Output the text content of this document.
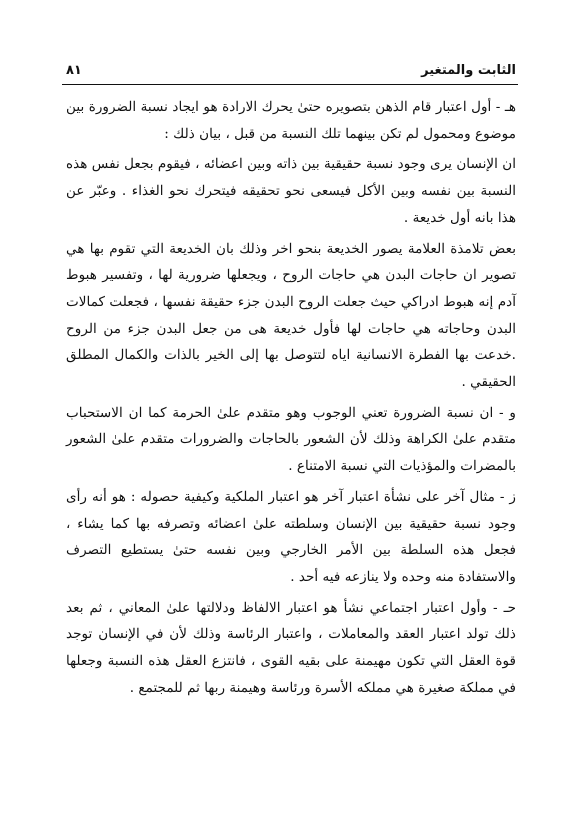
الثابت والمتغير
٨١

هـ - أول اعتبار قام الذهن بتصويره حتىٰ يحرك الارادة هو ايجاد نسبة الضرورة بين موضوع ومحمول لم تكن بينهما تلك النسبة من قبل ، بيان ذلك :

ان الإنسان يرى وجود نسبة حقيقية بين ذاته وبين اعضائه ، فيقوم بجعل نفس هذه النسبة بين نفسه وبين الأكل فيسعى نحو تحقيقه فيتحرك نحو الغذاء . وعبّر عن هذا بانه أول خديعة .

بعض تلامذة العلامة يصور الخديعة بنحو اخر وذلك بان الخديعة التي تقوم بها هي تصوير ان حاجات البدن هي حاجات الروح ، ويجعلها ضرورية لها ، وتفسير هبوط آدم إنه هبوط ادراكي حيث جعلت الروح البدن جزء حقيقة نفسها ، فجعلت كمالات البدن وحاجاته هي حاجات لها فأول خديعة هى من جعل البدن جزء من الروح .خدعت بها الفطرة الانسانية اياه لتتوصل بها إلى الخير بالذات والكمال المطلق الحقيقي .

و - ان نسبة الضرورة تعني الوجوب وهو متقدم علىٰ الحرمة كما ان الاستحباب متقدم علىٰ الكراهة وذلك لأن الشعور بالحاجات والضرورات متقدم علىٰ الشعور بالمضرات والمؤذيات التي نسبة الامتناع .

ز - مثال آخر على نشأة اعتبار آخر هو اعتبار الملكية وكيفية حصوله : هو أنه رأى وجود نسبة حقيقية بين الإنسان وسلطته علىٰ اعضائه وتصرفه بها كما يشاء ، فجعل هذه السلطة بين الأمر الخارجي وبين نفسه حتىٰ يستطيع التصرف والاستفادة منه وحده ولا ينازعه فيه أحد .

حـ - وأول اعتبار اجتماعي نشأ هو اعتبار الالفاظ ودلالتها علىٰ المعاني ، ثم بعد ذلك تولد اعتبار العقد والمعاملات ، واعتبار الرئاسة وذلك لأن في الإنسان توجد قوة العقل التي تكون مهيمنة على بقيه القوى ، فانتزع العقل هذه النسبة وجعلها في مملكة صغيرة هي مملكه الأسرة ورئاسة وهيمنة ربها ثم للمجتمع .
